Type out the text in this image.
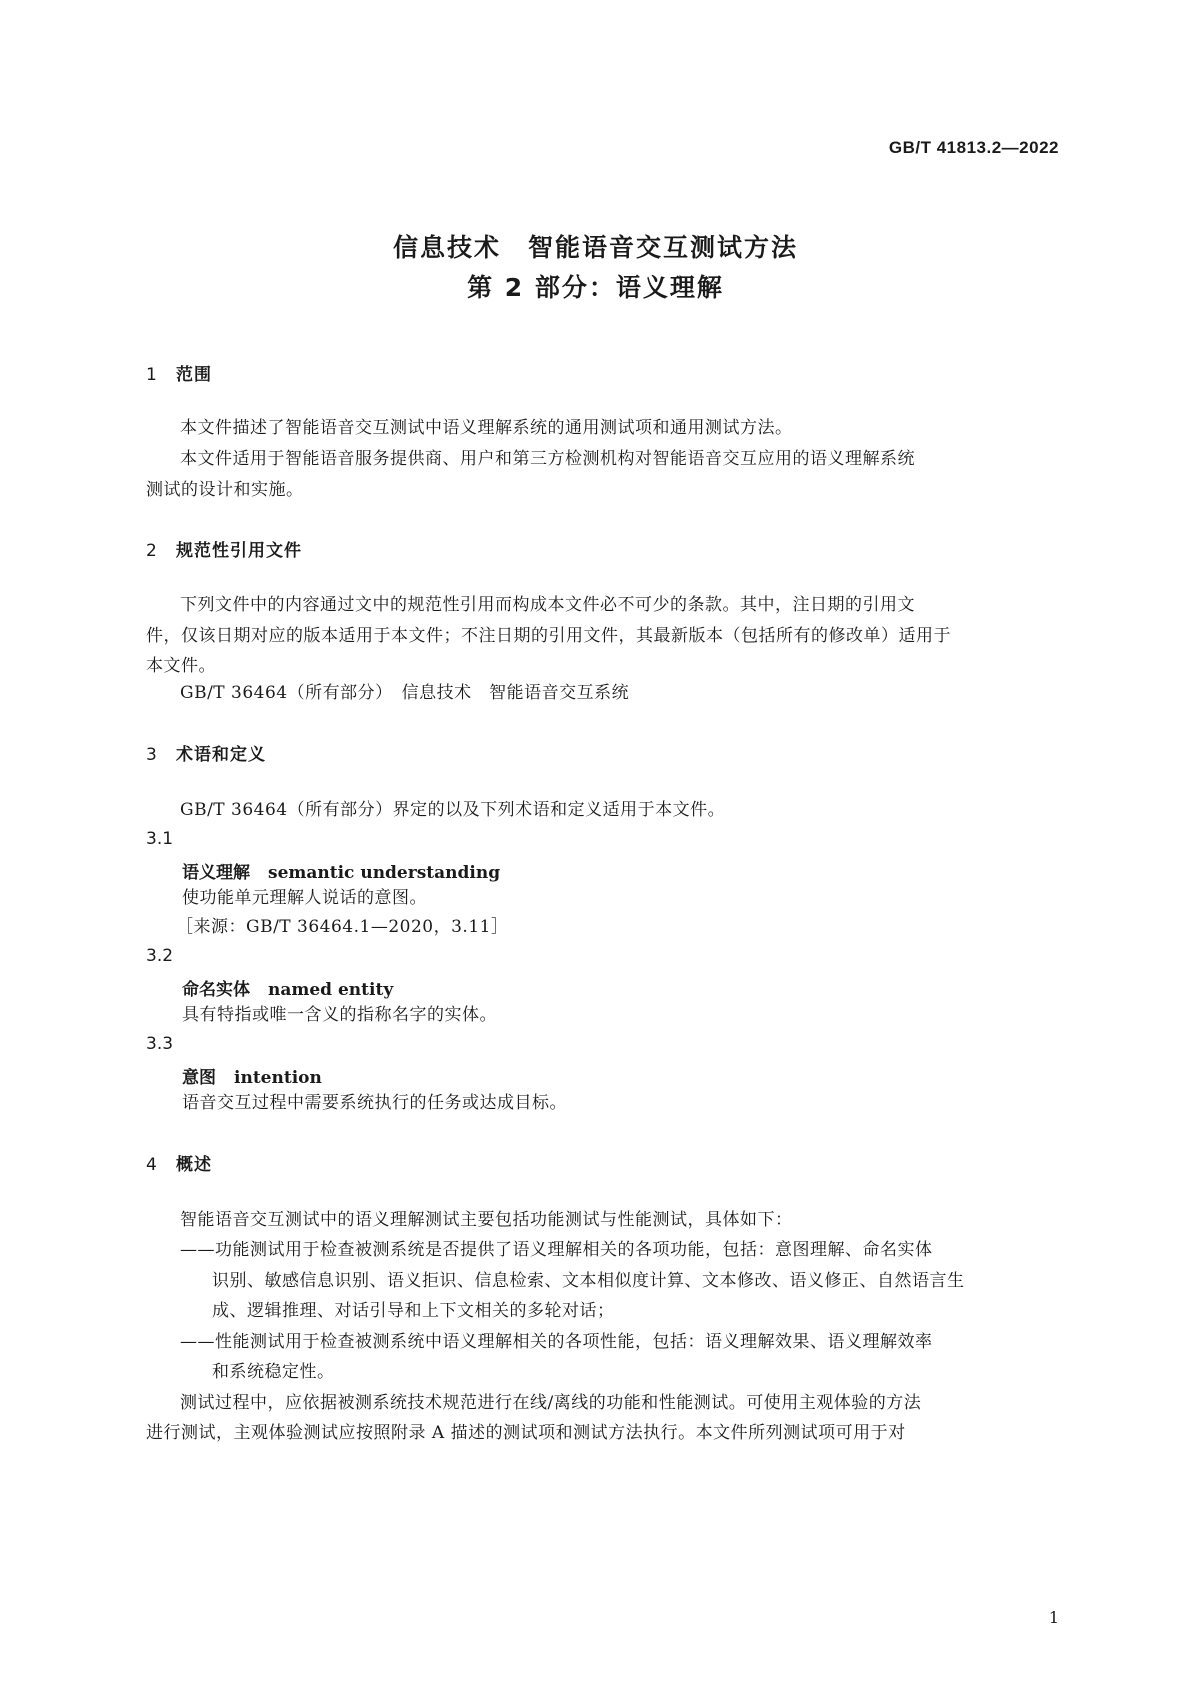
GB/T 41813.2—2022
信息技术　智能语音交互测试方法
第 2 部分：语义理解
1 范围
本文件描述了智能语音交互测试中语义理解系统的通用测试项和通用测试方法。
本文件适用于智能语音服务提供商、用户和第三方检测机构对智能语音交互应用的语义理解系统
测试的设计和实施。
2 规范性引用文件
下列文件中的内容通过文中的规范性引用而构成本文件必不可少的条款。其中，注日期的引用文
件，仅该日期对应的版本适用于本文件；不注日期的引用文件，其最新版本（包括所有的修改单）适用于
本文件。
GB/T 36464（所有部分）　信息技术　智能语音交互系统
3 术语和定义
GB/T 36464（所有部分）界定的以及下列术语和定义适用于本文件。
3.1
语义理解 semantic understanding
使功能单元理解人说话的意图。
［来源：GB/T 36464.1—2020，3.11］
3.2
命名实体 named entity
具有特指或唯一含义的指称名字的实体。
3.3
意图 intention
语音交互过程中需要系统执行的任务或达成目标。
4 概述
智能语音交互测试中的语义理解测试主要包括功能测试与性能测试，具体如下：
——功能测试用于检查被测系统是否提供了语义理解相关的各项功能，包括：意图理解、命名实体
识别、敏感信息识别、语义拒识、信息检索、文本相似度计算、文本修改、语义修正、自然语言生
成、逻辑推理、对话引导和上下文相关的多轮对话；
——性能测试用于检查被测系统中语义理解相关的各项性能，包括：语义理解效果、语义理解效率
和系统稳定性。
测试过程中，应依据被测系统技术规范进行在线/离线的功能和性能测试。可使用主观体验的方法
进行测试，主观体验测试应按照附录 A 描述的测试项和测试方法执行。本文件所列测试项可用于对
1
